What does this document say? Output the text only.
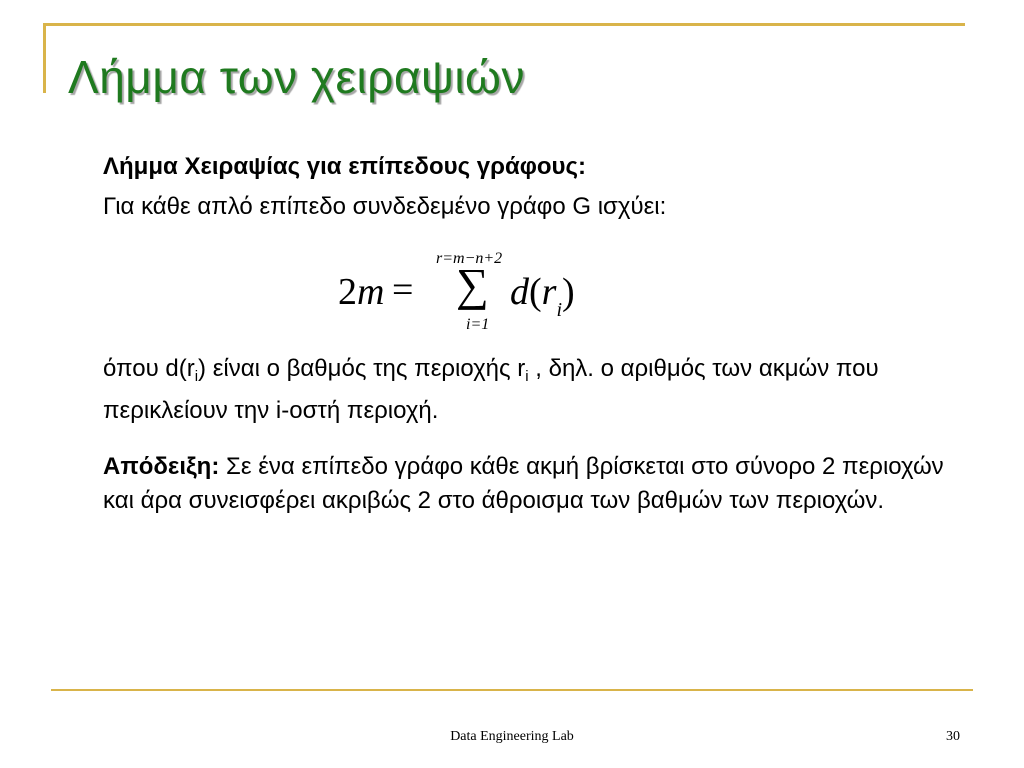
Λήμμα των χειραψιών
Λήμμα Χειραψίας για επίπεδους γράφους:
Για κάθε απλό επίπεδο συνδεδεμένο γράφο G ισχύει:
2m =
r=m−n+2
∑
i=1
$d(r_i)$

όπου $d(r_i)$ είναι ο βαθμός της περιοχής $r_i$ , δηλ. ο αριθμός των ακμών που περικλείουν την i-οστή περιοχή.

Απόδειξη: Σε ένα επίπεδο γράφο κάθε ακμή βρίσκεται στο σύνορο 2 περιοχών και άρα συνεισφέρει ακριβώς 2 στο άθροισμα των βαθμών των περιοχών.

Data Engineering Lab	30
